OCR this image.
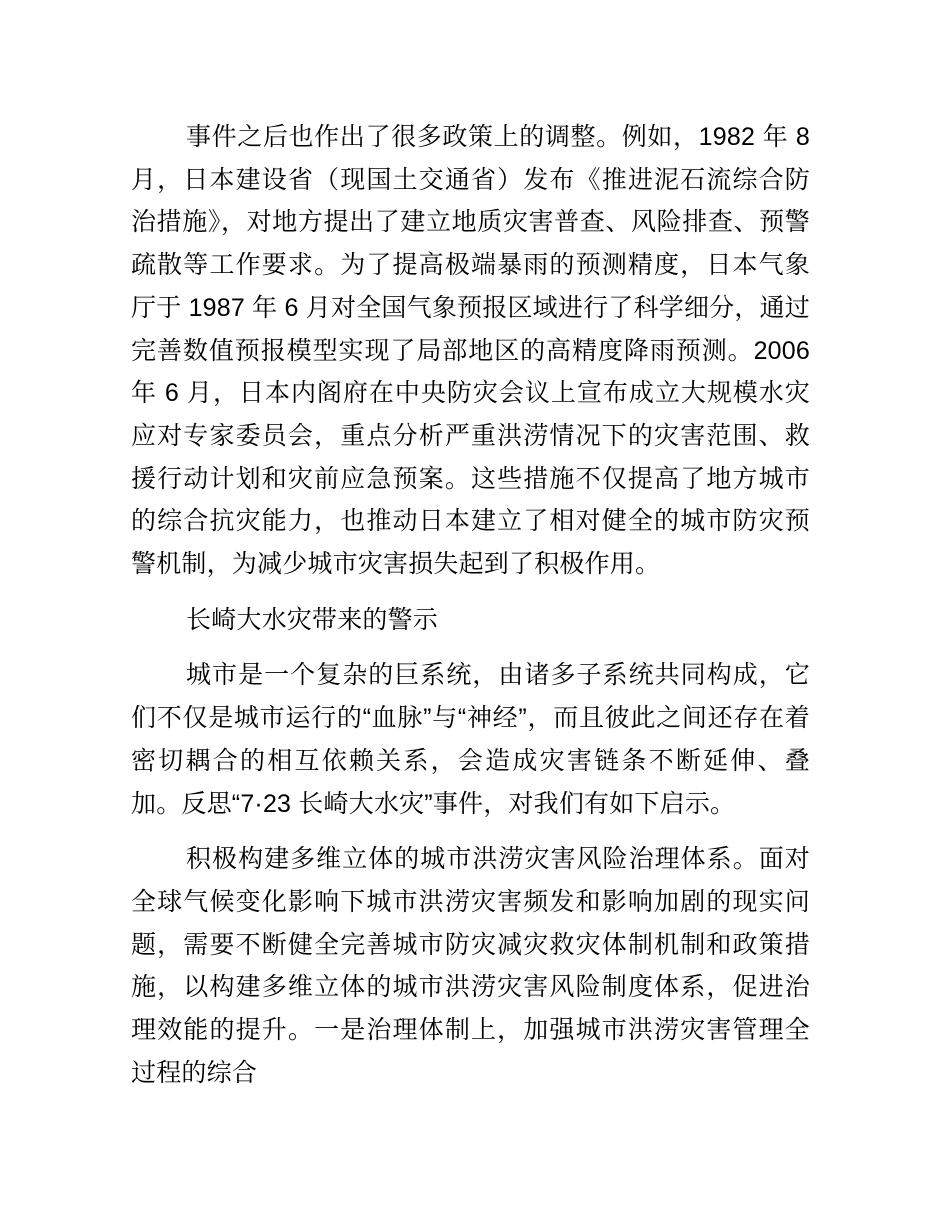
事件之后也作出了很多政策上的调整。例如，1982 年 8 月，日本建设省（现国土交通省）发布《推进泥石流综合防治措施》，对地方提出了建立地质灾害普查、风险排查、预警疏散等工作要求。为了提高极端暴雨的预测精度，日本气象厅于 1987 年 6 月对全国气象预报区域进行了科学细分，通过完善数值预报模型实现了局部地区的高精度降雨预测。2006 年 6 月，日本内阁府在中央防灾会议上宣布成立大规模水灾应对专家委员会，重点分析严重洪涝情况下的灾害范围、救援行动计划和灾前应急预案。这些措施不仅提高了地方城市的综合抗灾能力，也推动日本建立了相对健全的城市防灾预警机制，为减少城市灾害损失起到了积极作用。

长崎大水灾带来的警示

城市是一个复杂的巨系统，由诸多子系统共同构成，它们不仅是城市运行的“血脉”与“神经”，而且彼此之间还存在着密切耦合的相互依赖关系，会造成灾害链条不断延伸、叠加。反思“7·23 长崎大水灾”事件，对我们有如下启示。

积极构建多维立体的城市洪涝灾害风险治理体系。面对全球气候变化影响下城市洪涝灾害频发和影响加剧的现实问题，需要不断健全完善城市防灾减灾救灾体制机制和政策措施，以构建多维立体的城市洪涝灾害风险制度体系，促进治理效能的提升。一是治理体制上，加强城市洪涝灾害管理全过程的综合
